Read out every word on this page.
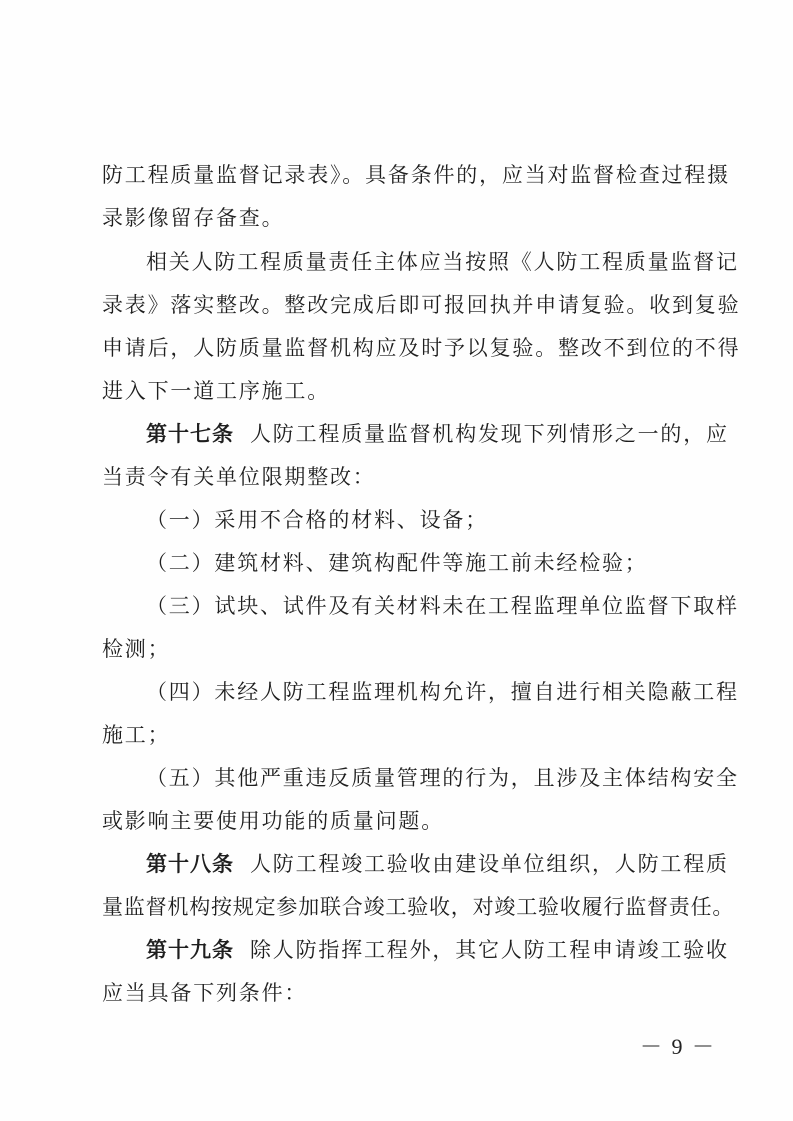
防工程质量监督记录表》。具备条件的，应当对监督检查过程摄
录影像留存备查。
相关人防工程质量责任主体应当按照《人防工程质量监督记
录表》落实整改。整改完成后即可报回执并申请复验。收到复验
申请后，人防质量监督机构应及时予以复验。整改不到位的不得
进入下一道工序施工。
第十七条 人防工程质量监督机构发现下列情形之一的，应
当责令有关单位限期整改：
（一）采用不合格的材料、设备；
（二）建筑材料、建筑构配件等施工前未经检验；
（三）试块、试件及有关材料未在工程监理单位监督下取样
检测；
（四）未经人防工程监理机构允许，擅自进行相关隐蔽工程
施工；
（五）其他严重违反质量管理的行为，且涉及主体结构安全
或影响主要使用功能的质量问题。
第十八条 人防工程竣工验收由建设单位组织，人防工程质
量监督机构按规定参加联合竣工验收，对竣工验收履行监督责任。
第十九条 除人防指挥工程外，其它人防工程申请竣工验收
应当具备下列条件：
－ 9 －
